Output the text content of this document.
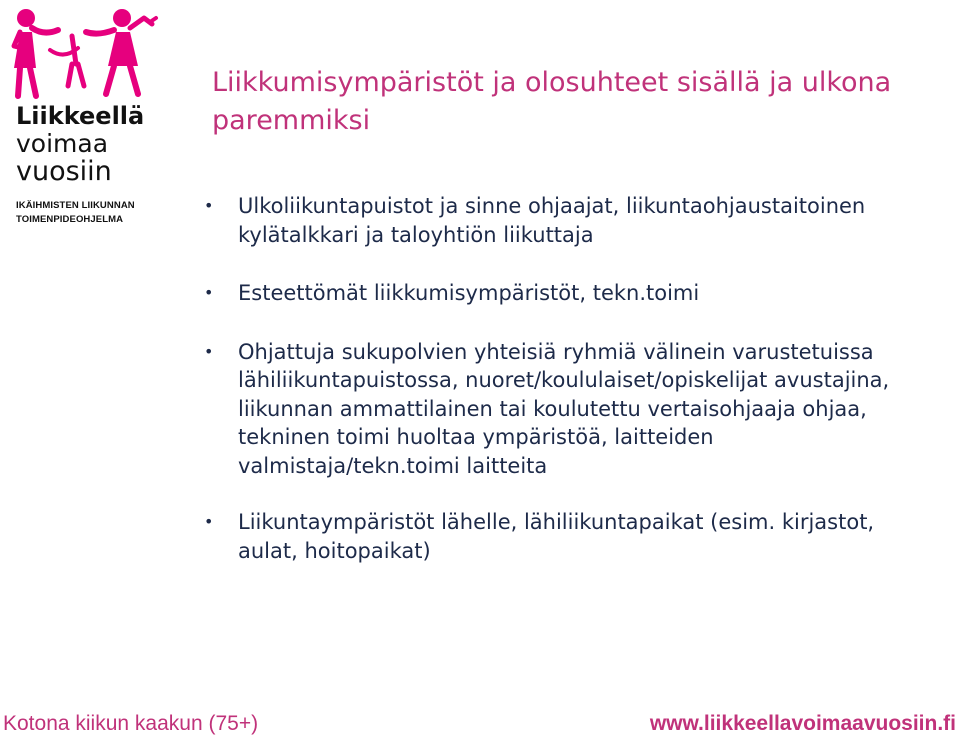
Liikkeellä
voimaa
vuosiin
IKÄIHMISTEN LIIKUNNAN
TOIMENPIDEOHJELMA
Liikkumisympäristöt ja olosuhteet sisällä ja ulkona paremmiksi
• Ulkoliikuntapuistot ja sinne ohjaajat, liikuntaohjaustaitoinen kylätalkkari ja taloyhtiön liikuttaja
• Esteettömät liikkumisympäristöt, tekn.toimi
• Ohjattuja sukupolvien yhteisiä ryhmiä välinein varustetuissa lähiliikuntapuistossa, nuoret/koululaiset/opiskelijat avustajina, liikunnan ammattilainen tai koulutettu vertaisohjaaja ohjaa, tekninen toimi huoltaa ympäristöä, laitteiden valmistaja/tekn.toimi laitteita
• Liikuntaympäristöt lähelle, lähiliikuntapaikat (esim. kirjastot, aulat, hoitopaikat)
Kotona kiikun kaakun (75+)	www.liikkeellavoimaavuosiin.fi
